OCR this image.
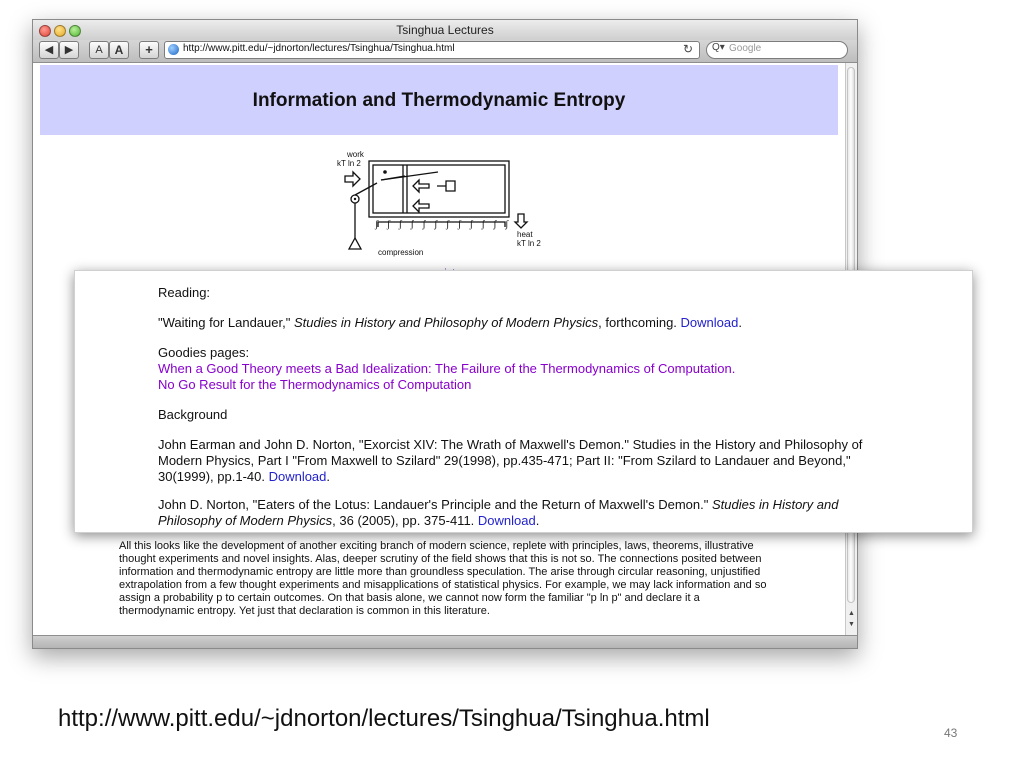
Tsinghua Lectures
◀	▶	A A	+	http://www.pitt.edu/~jdnorton/lectures/Tsinghua/Tsinghua.html	↻ Q▾ Google
Information and Thermodynamic Entropy
ʃ ʃ ʃ ʃ ʃ ʃ ʃ ʃ ʃ ʃ ʃ ʃ
work
kT ln 2
heat
kT ln 2
compression

All this looks like the development of another exciting branch of modern science, replete with principles, laws, theorems, illustrative thought experiments and novel insights. Alas, deeper scrutiny of the field shows that this is not so. The connections posited between information and thermodynamic entropy are little more than groundless speculation. The arise through circular reasoning, unjustified extrapolation from a few thought experiments and misapplications of statistical physics. For example, we may lack information and so assign a probability p to certain outcomes. On that basis alone, we cannot now form the familiar "p ln p" and declare it a thermodynamic entropy. Yet just that declaration is common in this literature.	▲
▼

Reading:

"Waiting for Landauer," Studies in History and Philosophy of Modern Physics, forthcoming. Download.

Goodies pages:

When a Good Theory meets a Bad Idealization: The Failure of the Thermodynamics of Computation.

No Go Result for the Thermodynamics of Computation

Background

John Earman and John D. Norton, "Exorcist XIV: The Wrath of Maxwell's Demon." Studies in the History and Philosophy of Modern Physics, Part I "From Maxwell to Szilard" 29(1998), pp.435-471; Part II: "From Szilard to Landauer and Beyond," 30(1999), pp.1-40. Download.

John D. Norton, "Eaters of the Lotus: Landauer's Principle and the Return of Maxwell's Demon." Studies in History and Philosophy of Modern Physics, 36 (2005), pp. 375-411. Download.

http://www.pitt.edu/~jdnorton/lectures/Tsinghua/Tsinghua.html
43
